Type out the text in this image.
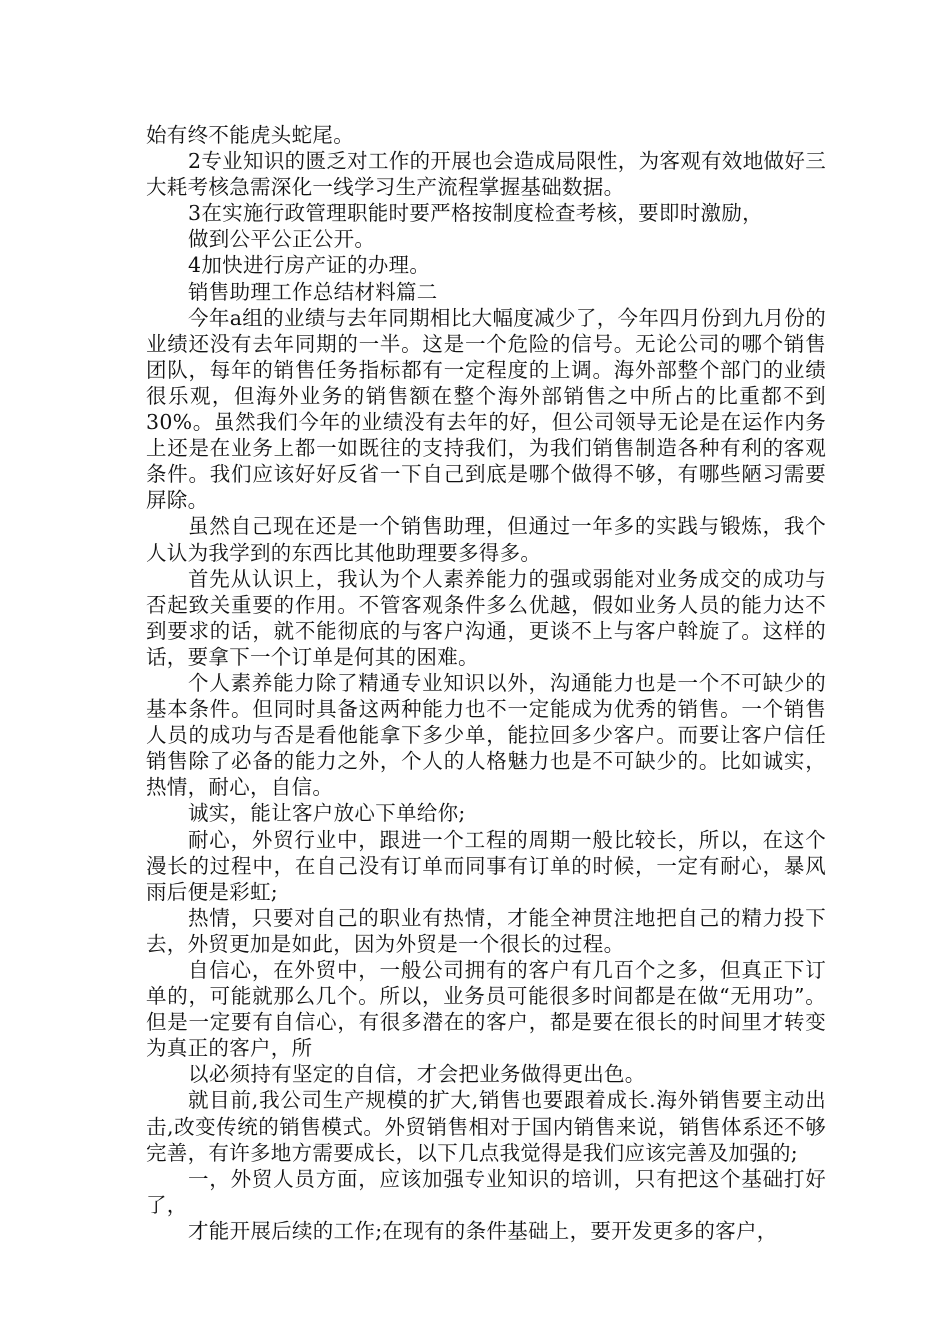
始有终不能虎头蛇尾。

2专业知识的匮乏对工作的开展也会造成局限性，为客观有效地做好三大耗考核急需深化一线学习生产流程掌握基础数据。

3在实施行政管理职能时要严格按制度检查考核，要即时激励，

做到公平公正公开。

4加快进行房产证的办理。

销售助理工作总结材料篇二

今年a组的业绩与去年同期相比大幅度减少了，今年四月份到九月份的业绩还没有去年同期的一半。这是一个危险的信号。无论公司的哪个销售团队，每年的销售任务指标都有一定程度的上调。海外部整个部门的业绩很乐观，但海外业务的销售额在整个海外部销售之中所占的比重都不到30%。虽然我们今年的业绩没有去年的好，但公司领导无论是在运作内务上还是在业务上都一如既往的支持我们，为我们销售制造各种有利的客观条件。我们应该好好反省一下自己到底是哪个做得不够，有哪些陋习需要屏除。

虽然自己现在还是一个销售助理，但通过一年多的实践与锻炼，我个人认为我学到的东西比其他助理要多得多。

首先从认识上，我认为个人素养能力的强或弱能对业务成交的成功与否起致关重要的作用。不管客观条件多么优越，假如业务人员的能力达不到要求的话，就不能彻底的与客户沟通，更谈不上与客户斡旋了。这样的话，要拿下一个订单是何其的困难。

个人素养能力除了精通专业知识以外，沟通能力也是一个不可缺少的基本条件。但同时具备这两种能力也不一定能成为优秀的销售。一个销售人员的成功与否是看他能拿下多少单，能拉回多少客户。而要让客户信任销售除了必备的能力之外，个人的人格魅力也是不可缺少的。比如诚实，热情，耐心，自信。

诚实，能让客户放心下单给你;

耐心，外贸行业中，跟进一个工程的周期一般比较长，所以，在这个漫长的过程中，在自己没有订单而同事有订单的时候，一定有耐心，暴风雨后便是彩虹;

热情，只要对自己的职业有热情，才能全神贯注地把自己的精力投下去，外贸更加是如此，因为外贸是一个很长的过程。

自信心，在外贸中，一般公司拥有的客户有几百个之多，但真正下订单的，可能就那么几个。所以，业务员可能很多时间都是在做“无用功”。但是一定要有自信心，有很多潜在的客户，都是要在很长的时间里才转变为真正的客户，所

以必须持有坚定的自信，才会把业务做得更出色。

就目前,我公司生产规模的扩大,销售也要跟着成长.海外销售要主动出击,改变传统的销售模式。外贸销售相对于国内销售来说，销售体系还不够完善，有许多地方需要成长，以下几点我觉得是我们应该完善及加强的;

一，外贸人员方面，应该加强专业知识的培训，只有把这个基础打好了，

才能开展后续的工作;在现有的条件基础上，要开发更多的客户，
